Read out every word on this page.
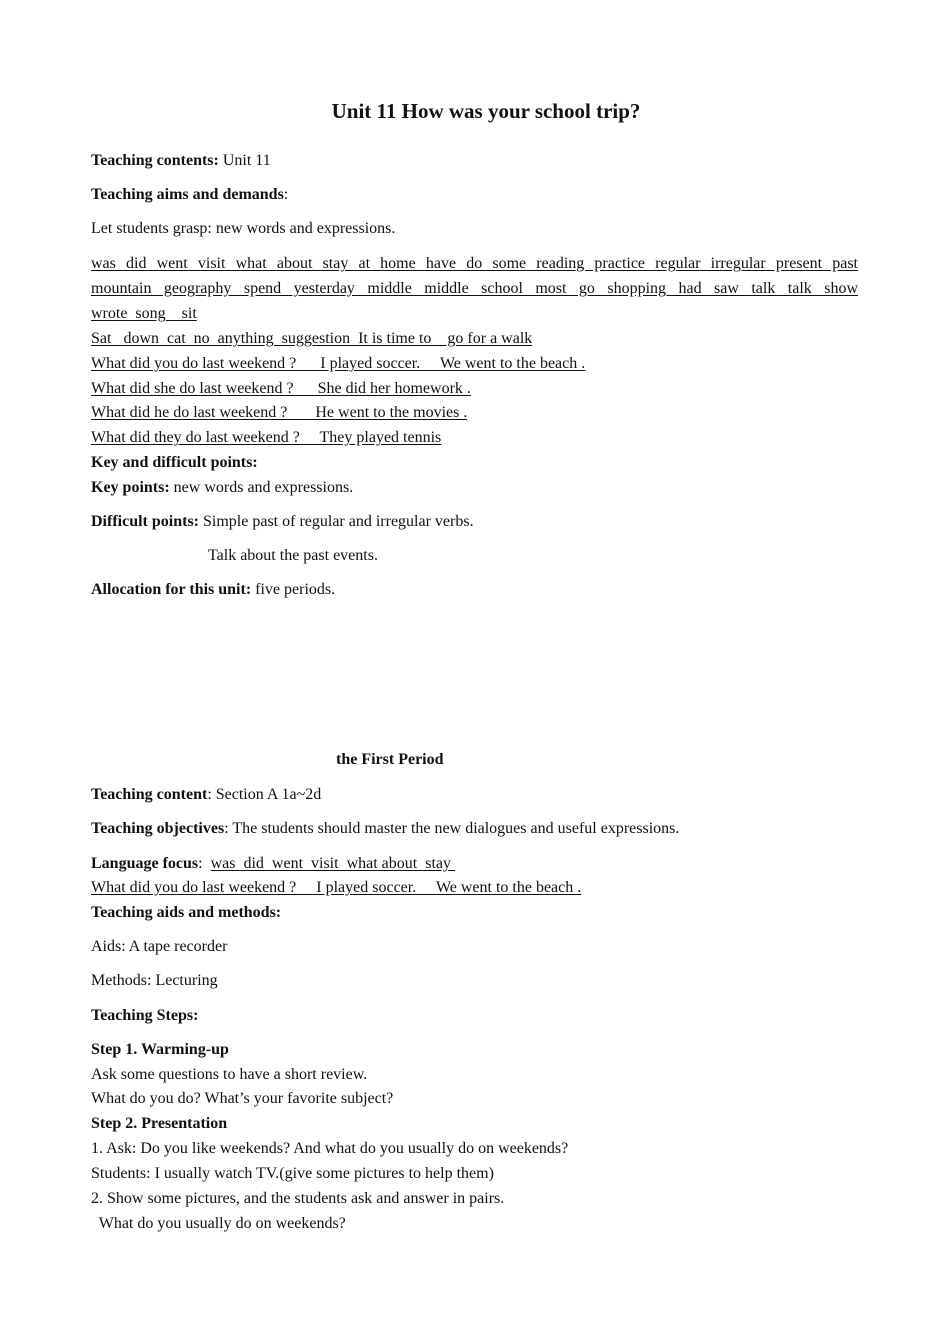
Unit 11 How was your school trip?
Teaching contents: Unit 11
Teaching aims and demands:
Let students grasp: new words and expressions.
was did went visit what about stay at home have do some reading practice regular irregular present past
mountain geography spend yesterday middle middle school most go shopping had saw talk talk show
wrote  song    sit
Sat   down  cat  no  anything  suggestion  It is time to    go for a walk
What did you do last weekend ?      I played soccer.     We went to the beach .
What did she do last weekend ?      She did her homework .
What did he do last weekend ?       He went to the movies .
What did they do last weekend ?     They played tennis
Key and difficult points:
Key points: new words and expressions.
Difficult points: Simple past of regular and irregular verbs.
Talk about the past events.
Allocation for this unit: five periods.
the First Period
Teaching content: Section A 1a~2d
Teaching objectives: The students should master the new dialogues and useful expressions.
Language focus:  was  did  went  visit  what about  stay
What did you do last weekend ?     I played soccer.     We went to the beach .
Teaching aids and methods:
Aids: A tape recorder
Methods: Lecturing
Teaching Steps:
Step 1. Warming-up
Ask some questions to have a short review.
What do you do? What’s your favorite subject?
Step 2. Presentation
1. Ask: Do you like weekends? And what do you usually do on weekends?
Students: I usually watch TV.(give some pictures to help them)
2. Show some pictures, and the students ask and answer in pairs.
What do you usually do on weekends?
